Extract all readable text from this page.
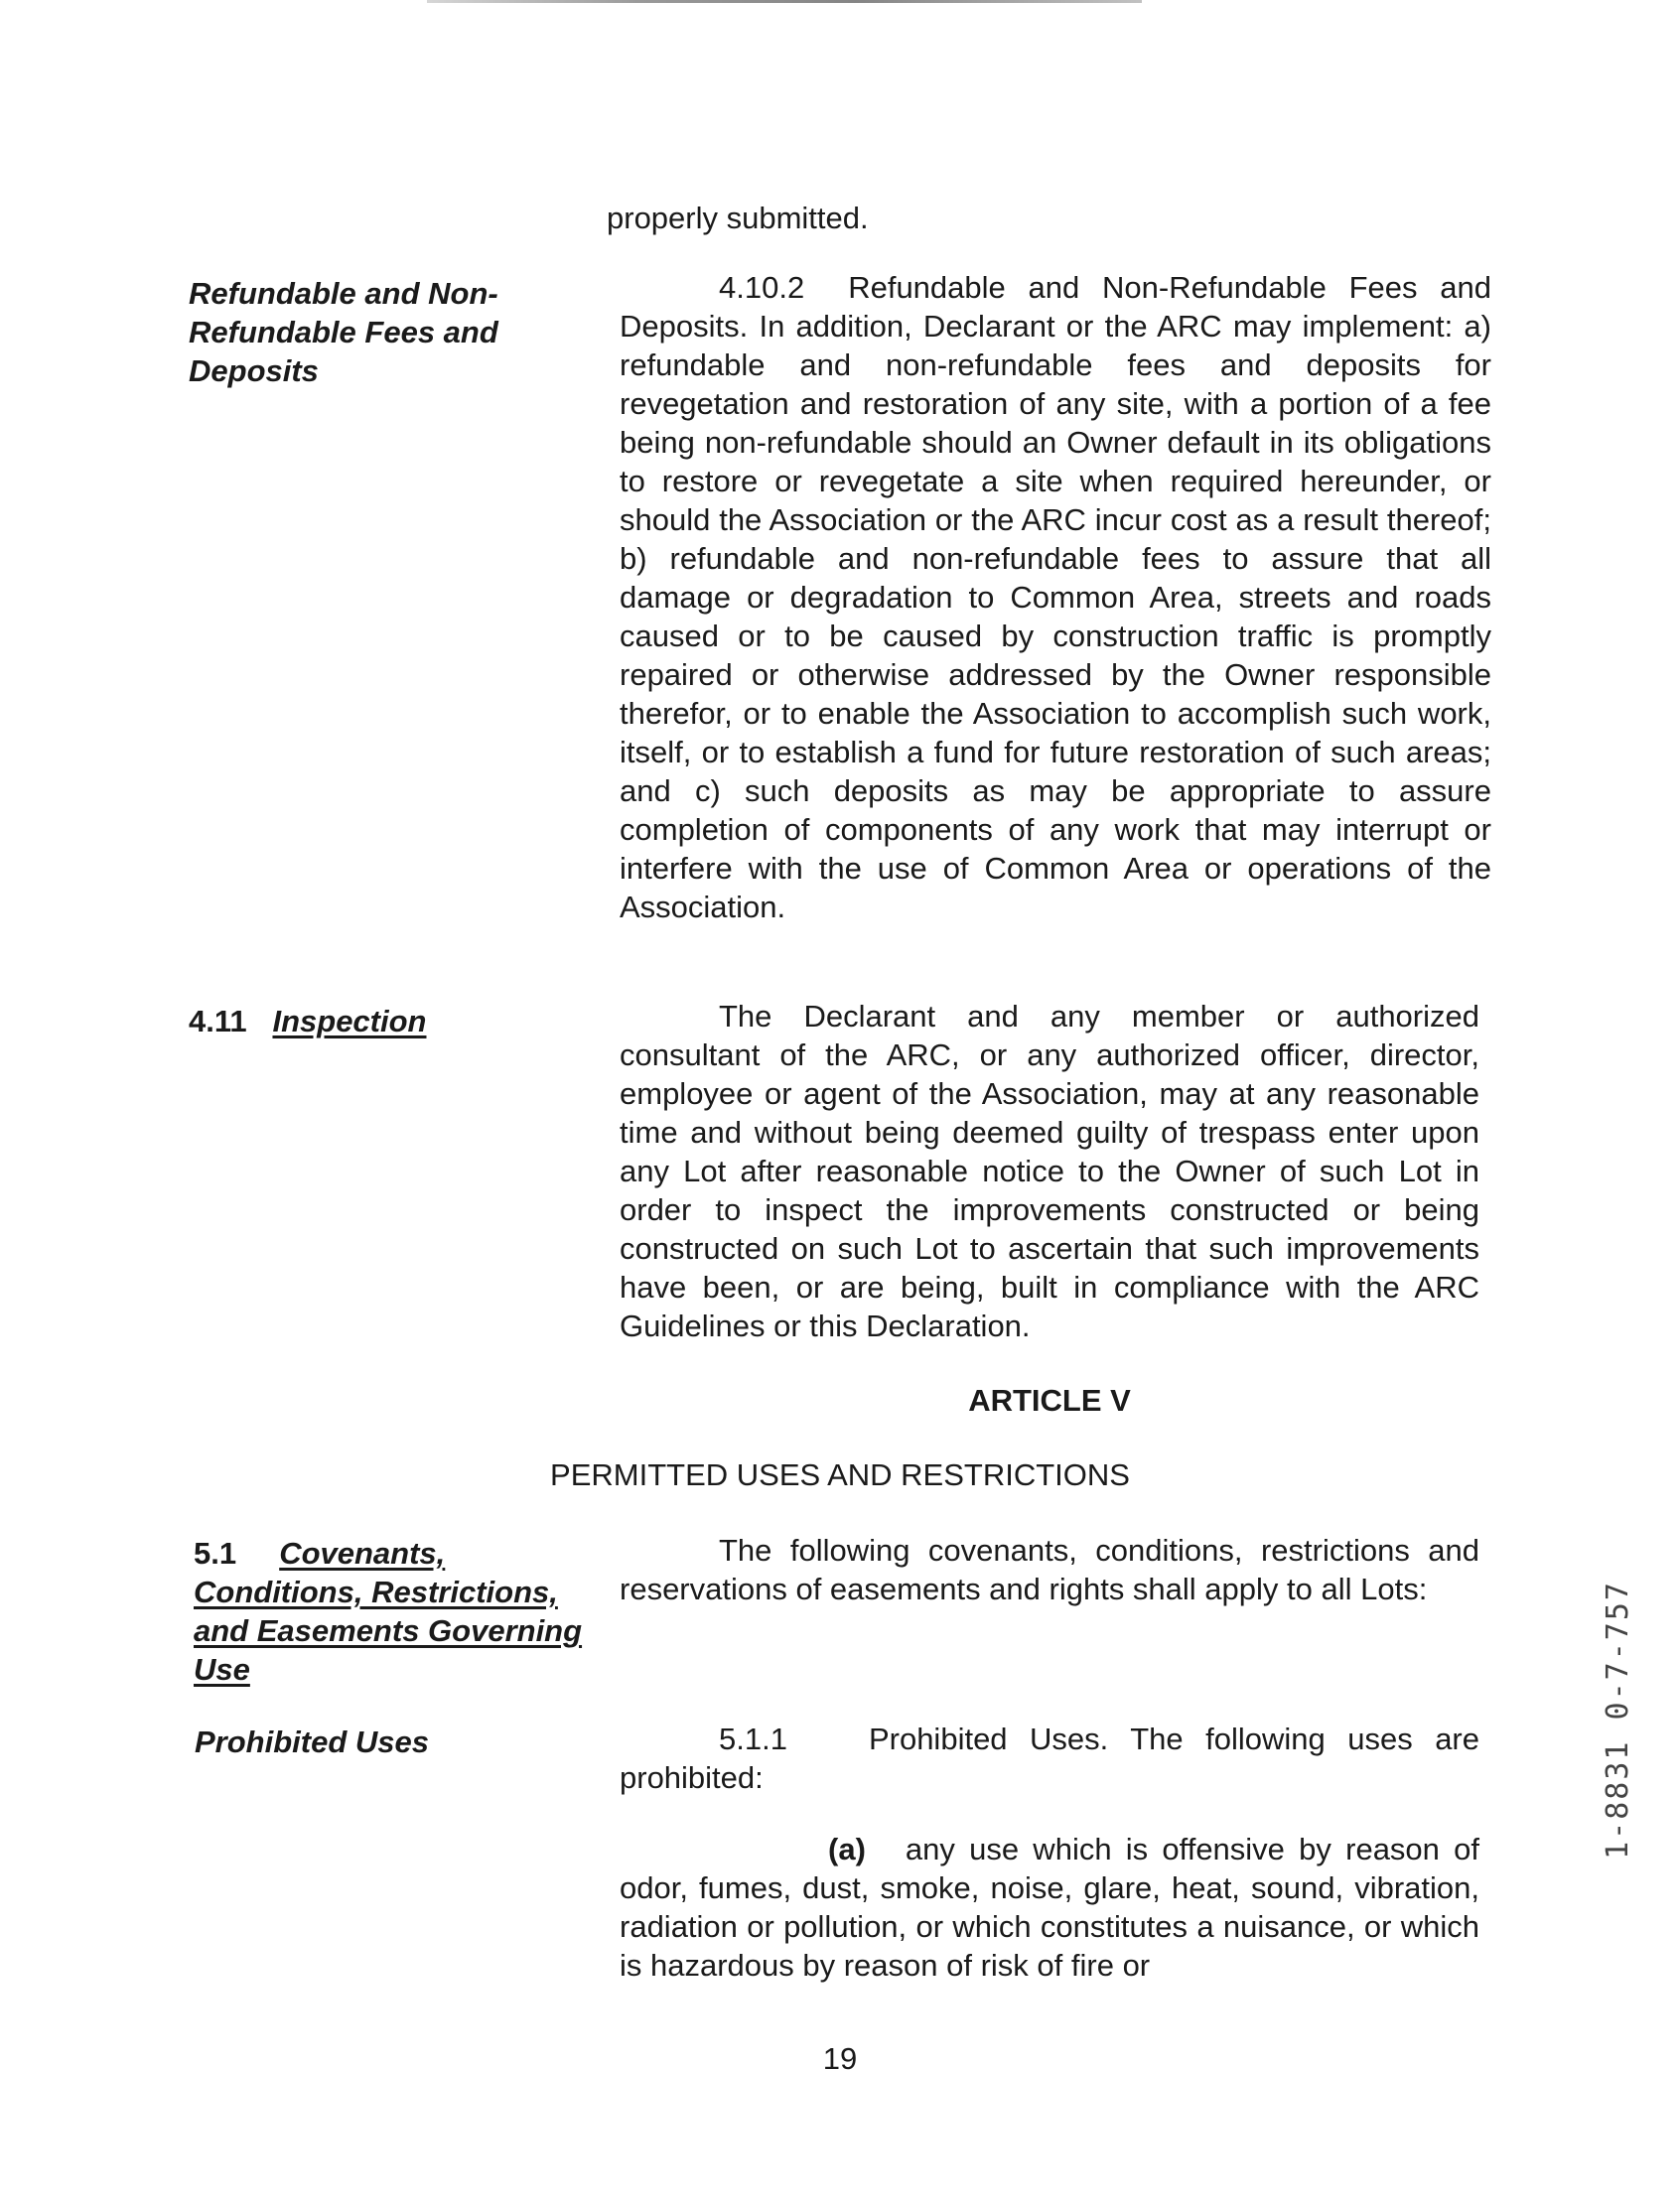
properly submitted.
Refundable and Non-Refundable Fees and Deposits
4.10.2 Refundable and Non-Refundable Fees and Deposits. In addition, Declarant or the ARC may implement: a) refundable and non-refundable fees and deposits for revegetation and restoration of any site, with a portion of a fee being non-refundable should an Owner default in its obligations to restore or revegetate a site when required hereunder, or should the Association or the ARC incur cost as a result thereof; b) refundable and non-refundable fees to assure that all damage or degradation to Common Area, streets and roads caused or to be caused by construction traffic is promptly repaired or otherwise addressed by the Owner responsible therefor, or to enable the Association to accomplish such work, itself, or to establish a fund for future restoration of such areas; and c) such deposits as may be appropriate to assure completion of components of any work that may interrupt or interfere with the use of Common Area or operations of the Association.
4.11 Inspection	The Declarant and any member or authorized consultant of the ARC, or any authorized officer, director, employee or agent of the Association, may at any reasonable time and without being deemed guilty of trespass enter upon any Lot after reasonable notice to the Owner of such Lot in order to inspect the improvements constructed or being constructed on such Lot to ascertain that such improvements have been, or are being, built in compliance with the ARC Guidelines or this Declaration.
ARTICLE V
PERMITTED USES AND RESTRICTIONS
5.1 Covenants, Conditions, Restrictions, and Easements Governing Use
The following covenants, conditions, restrictions and reservations of easements and rights shall apply to all Lots:
Prohibited Uses	5.1.1	Prohibited Uses. The following uses are prohibited:
(a) any use which is offensive by reason of odor, fumes, dust, smoke, noise, glare, heat, sound, vibration, radiation or pollution, or which constitutes a nuisance, or which is hazardous by reason of risk of fire or
19
1-8831 0-7-757
